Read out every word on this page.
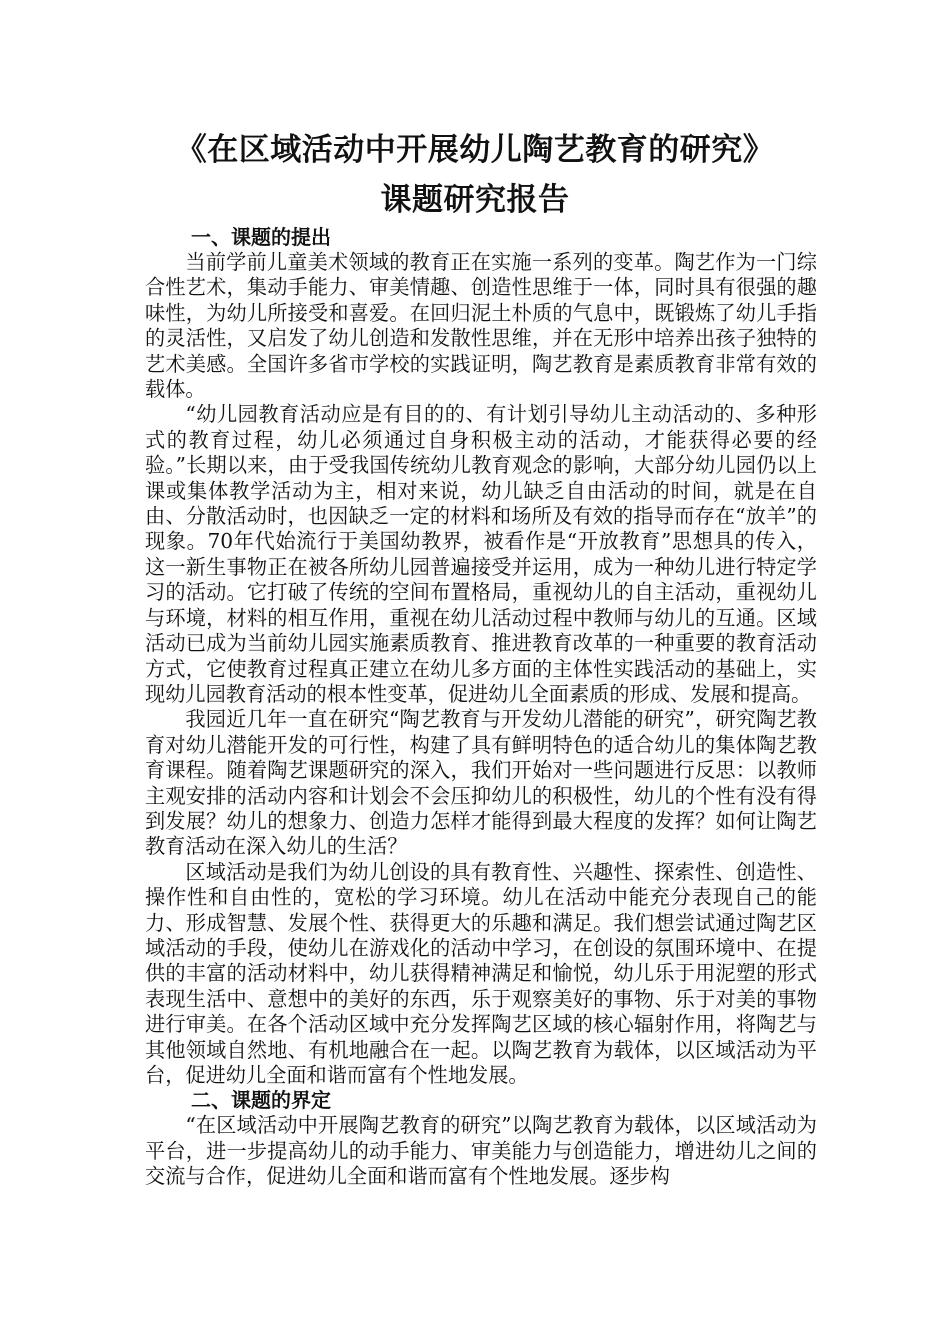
《在区域活动中开展幼儿陶艺教育的研究》
课题研究报告
一、课题的提出

当前学前儿童美术领域的教育正在实施一系列的变革。陶艺作为一门综合性艺术，集动手能力、审美情趣、创造性思维于一体，同时具有很强的趣味性，为幼儿所接受和喜爱。在回归泥土朴质的气息中，既锻炼了幼儿手指的灵活性，又启发了幼儿创造和发散性思维，并在无形中培养出孩子独特的艺术美感。全国许多省市学校的实践证明，陶艺教育是素质教育非常有效的载体。

“幼儿园教育活动应是有目的的、有计划引导幼儿主动活动的、多种形式的教育过程，幼儿必须通过自身积极主动的活动，才能获得必要的经验。”长期以来，由于受我国传统幼儿教育观念的影响，大部分幼儿园仍以上课或集体教学活动为主，相对来说，幼儿缺乏自由活动的时间，就是在自由、分散活动时，也因缺乏一定的材料和场所及有效的指导而存在“放羊”的现象。70年代始流行于美国幼教界，被看作是“开放教育”思想具的传入，这一新生事物正在被各所幼儿园普遍接受并运用，成为一种幼儿进行特定学习的活动。它打破了传统的空间布置格局，重视幼儿的自主活动，重视幼儿与环境，材料的相互作用，重视在幼儿活动过程中教师与幼儿的互通。区域活动已成为当前幼儿园实施素质教育、推进教育改革的一种重要的教育活动方式，它使教育过程真正建立在幼儿多方面的主体性实践活动的基础上，实现幼儿园教育活动的根本性变革，促进幼儿全面素质的形成、发展和提高。

我园近几年一直在研究“陶艺教育与开发幼儿潜能的研究”，研究陶艺教育对幼儿潜能开发的可行性，构建了具有鲜明特色的适合幼儿的集体陶艺教育课程。随着陶艺课题研究的深入，我们开始对一些问题进行反思：以教师主观安排的活动内容和计划会不会压抑幼儿的积极性，幼儿的个性有没有得到发展？幼儿的想象力、创造力怎样才能得到最大程度的发挥？如何让陶艺教育活动在深入幼儿的生活？

区域活动是我们为幼儿创设的具有教育性、兴趣性、探索性、创造性、操作性和自由性的，宽松的学习环境。幼儿在活动中能充分表现自己的能力、形成智慧、发展个性、获得更大的乐趣和满足。我们想尝试通过陶艺区域活动的手段，使幼儿在游戏化的活动中学习，在创设的氛围环境中、在提供的丰富的活动材料中，幼儿获得精神满足和愉悦，幼儿乐于用泥塑的形式表现生活中、意想中的美好的东西，乐于观察美好的事物、乐于对美的事物进行审美。在各个活动区域中充分发挥陶艺区域的核心辐射作用，将陶艺与其他领域自然地、有机地融合在一起。以陶艺教育为载体，以区域活动为平台，促进幼儿全面和谐而富有个性地发展。

二、课题的界定

“在区域活动中开展陶艺教育的研究”以陶艺教育为载体，以区域活动为平台，进一步提高幼儿的动手能力、审美能力与创造能力，增进幼儿之间的交流与合作，促进幼儿全面和谐而富有个性地发展。逐步构
